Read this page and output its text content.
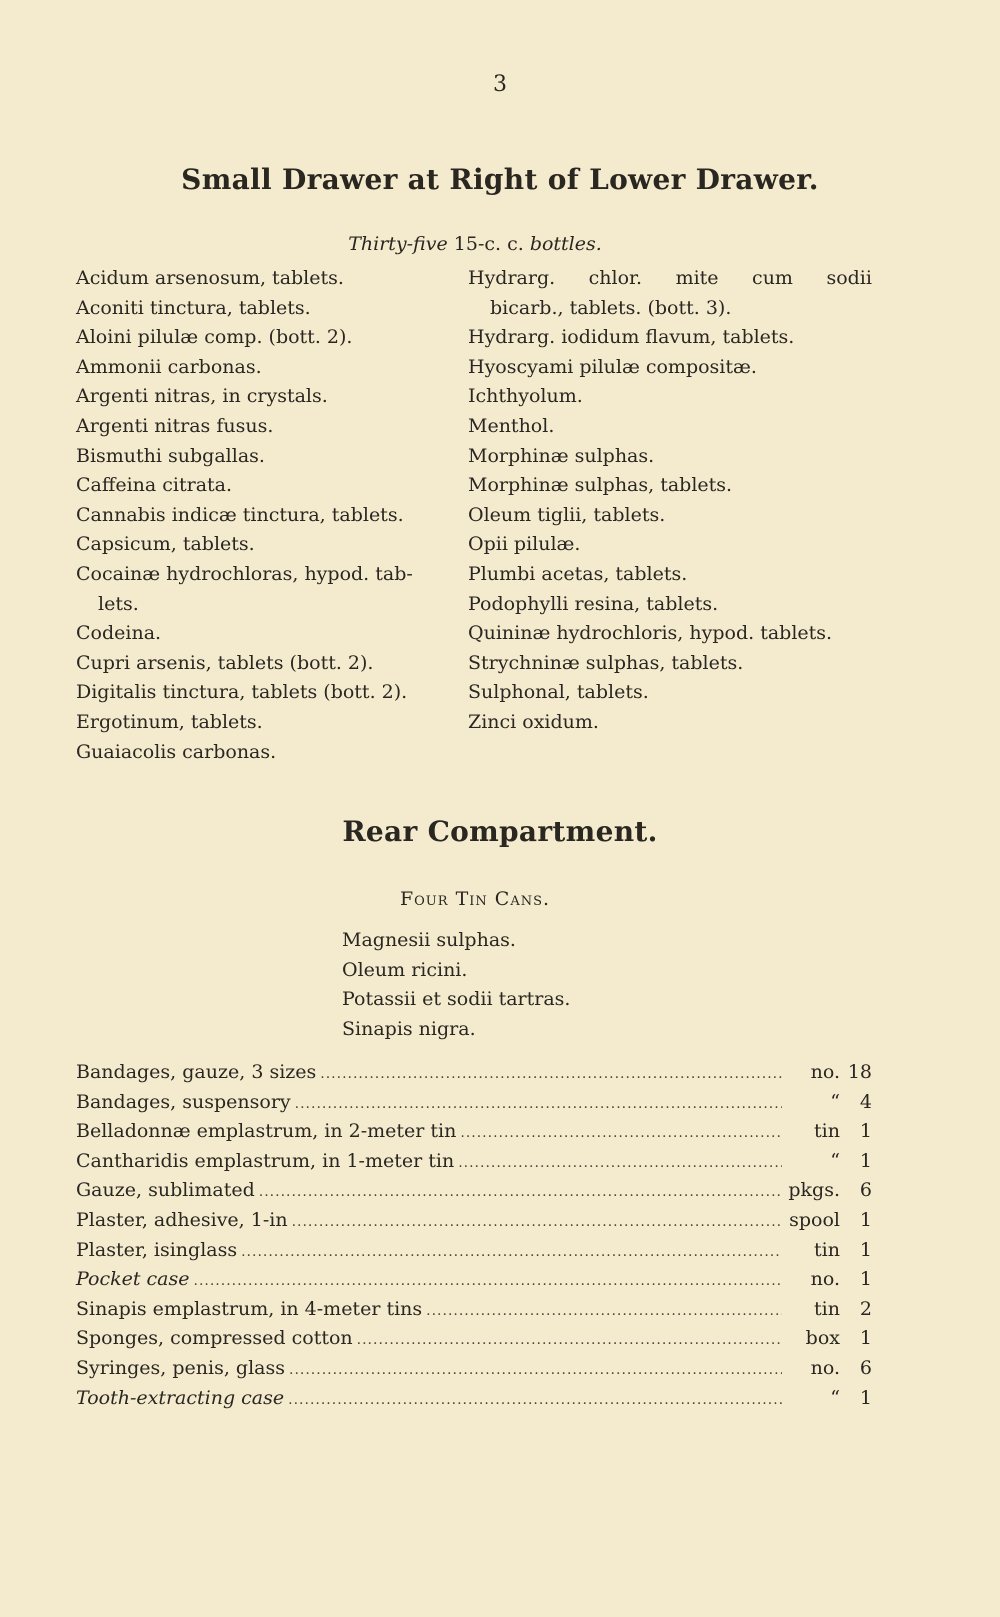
3
Small Drawer at Right of Lower Drawer.
Thirty-five 15-c. c. bottles.
Acidum arsenosum, tablets.
Aconiti tinctura, tablets.
Aloini pilulæ comp. (bott. 2).
Ammonii carbonas.
Argenti nitras, in crystals.
Argenti nitras fusus.
Bismuthi subgallas.
Caffeina citrata.
Cannabis indicæ tinctura, tablets.
Capsicum, tablets.
Cocainæ hydrochloras, hypod. tab-
lets.
Codeina.
Cupri arsenis, tablets (bott. 2).
Digitalis tinctura, tablets (bott. 2).
Ergotinum, tablets.
Guaiacolis carbonas.
Hydrarg. chlor. mite cum sodii
bicarb., tablets. (bott. 3).
Hydrarg. iodidum flavum, tablets.
Hyoscyami pilulæ compositæ.
Ichthyolum.
Menthol.
Morphinæ sulphas.
Morphinæ sulphas, tablets.
Oleum tiglii, tablets.
Opii pilulæ.
Plumbi acetas, tablets.
Podophylli resina, tablets.
Quininæ hydrochloris, hypod. tablets.
Strychninæ sulphas, tablets.
Sulphonal, tablets.
Zinci oxidum.
Rear Compartment.
Four Tin Cans.
Magnesii sulphas.
Oleum ricini.
Potassii et sodii tartras.
Sinapis nigra.
Bandages, gauze, 3 sizes .....	no. 18
Bandages, suspensory .....	“	4
Belladonnæ emplastrum, in 2-meter tin .....	tin	1
Cantharidis emplastrum, in 1-meter tin .....	“	1
Gauze, sublimated .....	pkgs.	6
Plaster, adhesive, 1-in .....	spool	1
Plaster, isinglass .....	tin	1
Pocket case .....	no.	1
Sinapis emplastrum, in 4-meter tins .....	tin	2
Sponges, compressed cotton .....	box	1
Syringes, penis, glass .....	no.	6
Tooth-extracting case .....	“	1
